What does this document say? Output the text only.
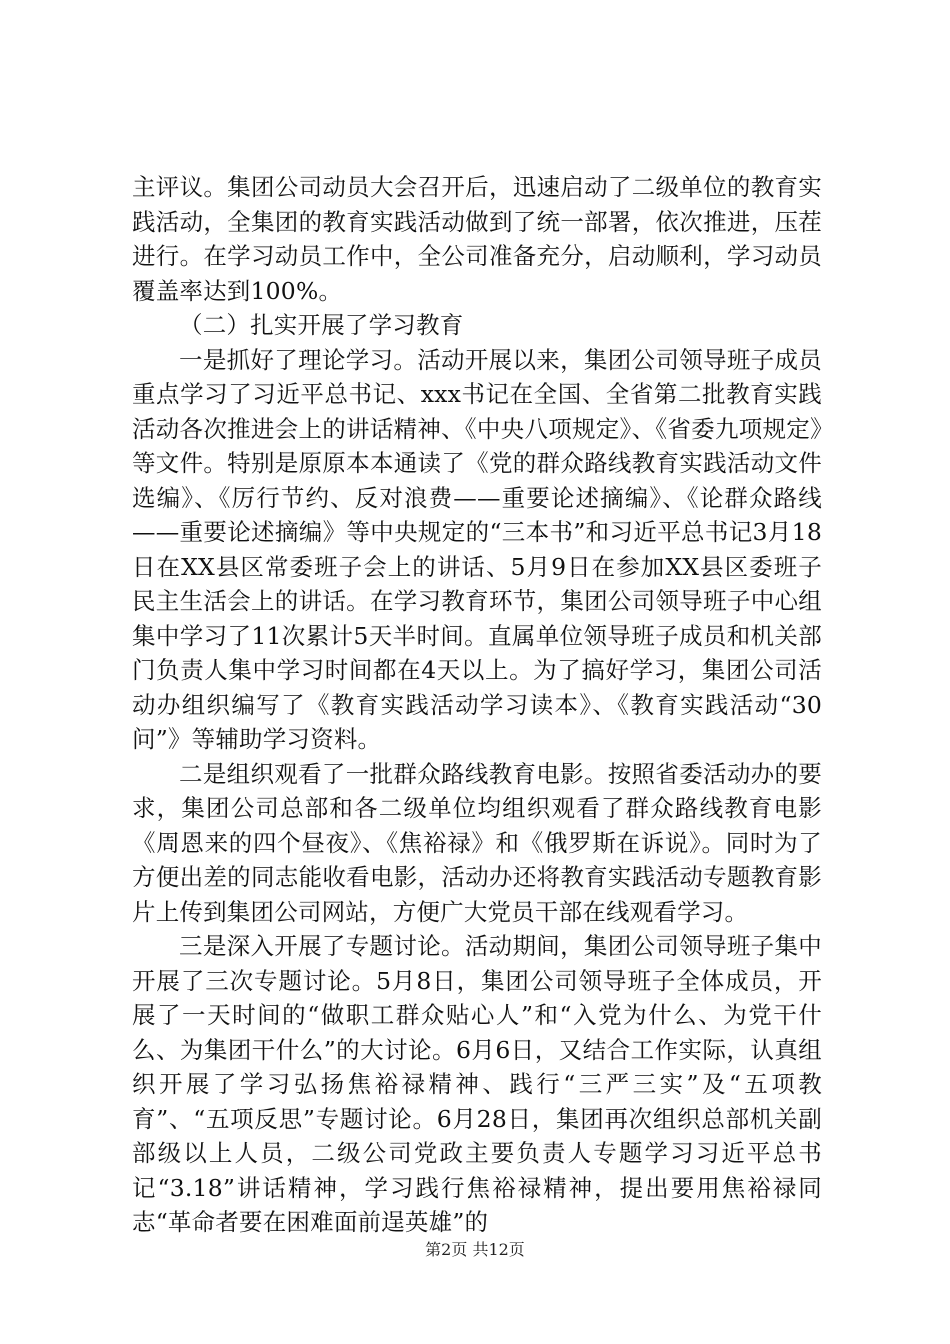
主评议。集团公司动员大会召开后，迅速启动了二级单位的教育实践活动，全集团的教育实践活动做到了统一部署，依次推进，压茬进行。在学习动员工作中，全公司准备充分，启动顺利，学习动员覆盖率达到100%。

（二）扎实开展了学习教育

一是抓好了理论学习。活动开展以来，集团公司领导班子成员重点学习了习近平总书记、xxx书记在全国、全省第二批教育实践活动各次推进会上的讲话精神、《中央八项规定》、《省委九项规定》等文件。特别是原原本本通读了《党的群众路线教育实践活动文件选编》、《厉行节约、反对浪费——重要论述摘编》、《论群众路线——重要论述摘编》等中央规定的“三本书”和习近平总书记3月18日在XX县区常委班子会上的讲话、5月9日在参加XX县区委班子民主生活会上的讲话。在学习教育环节，集团公司领导班子中心组集中学习了11次累计5天半时间。直属单位领导班子成员和机关部门负责人集中学习时间都在4天以上。为了搞好学习，集团公司活动办组织编写了《教育实践活动学习读本》、《教育实践活动“30问”》等辅助学习资料。

二是组织观看了一批群众路线教育电影。按照省委活动办的要求，集团公司总部和各二级单位均组织观看了群众路线教育电影《周恩来的四个昼夜》、《焦裕禄》和《俄罗斯在诉说》。同时为了方便出差的同志能收看电影，活动办还将教育实践活动专题教育影片上传到集团公司网站，方便广大党员干部在线观看学习。

三是深入开展了专题讨论。活动期间，集团公司领导班子集中开展了三次专题讨论。5月8日，集团公司领导班子全体成员，开展了一天时间的“做职工群众贴心人”和“入党为什么、为党干什么、为集团干什么”的大讨论。6月6日，又结合工作实际，认真组织开展了学习弘扬焦裕禄精神、践行“三严三实”及“五项教育”、“五项反思”专题讨论。6月28日，集团再次组织总部机关副部级以上人员，二级公司党政主要负责人专题学习习近平总书记“3.18”讲话精神，学习践行焦裕禄精神，提出要用焦裕禄同志“革命者要在困难面前逞英雄”的

第2页 共12页
